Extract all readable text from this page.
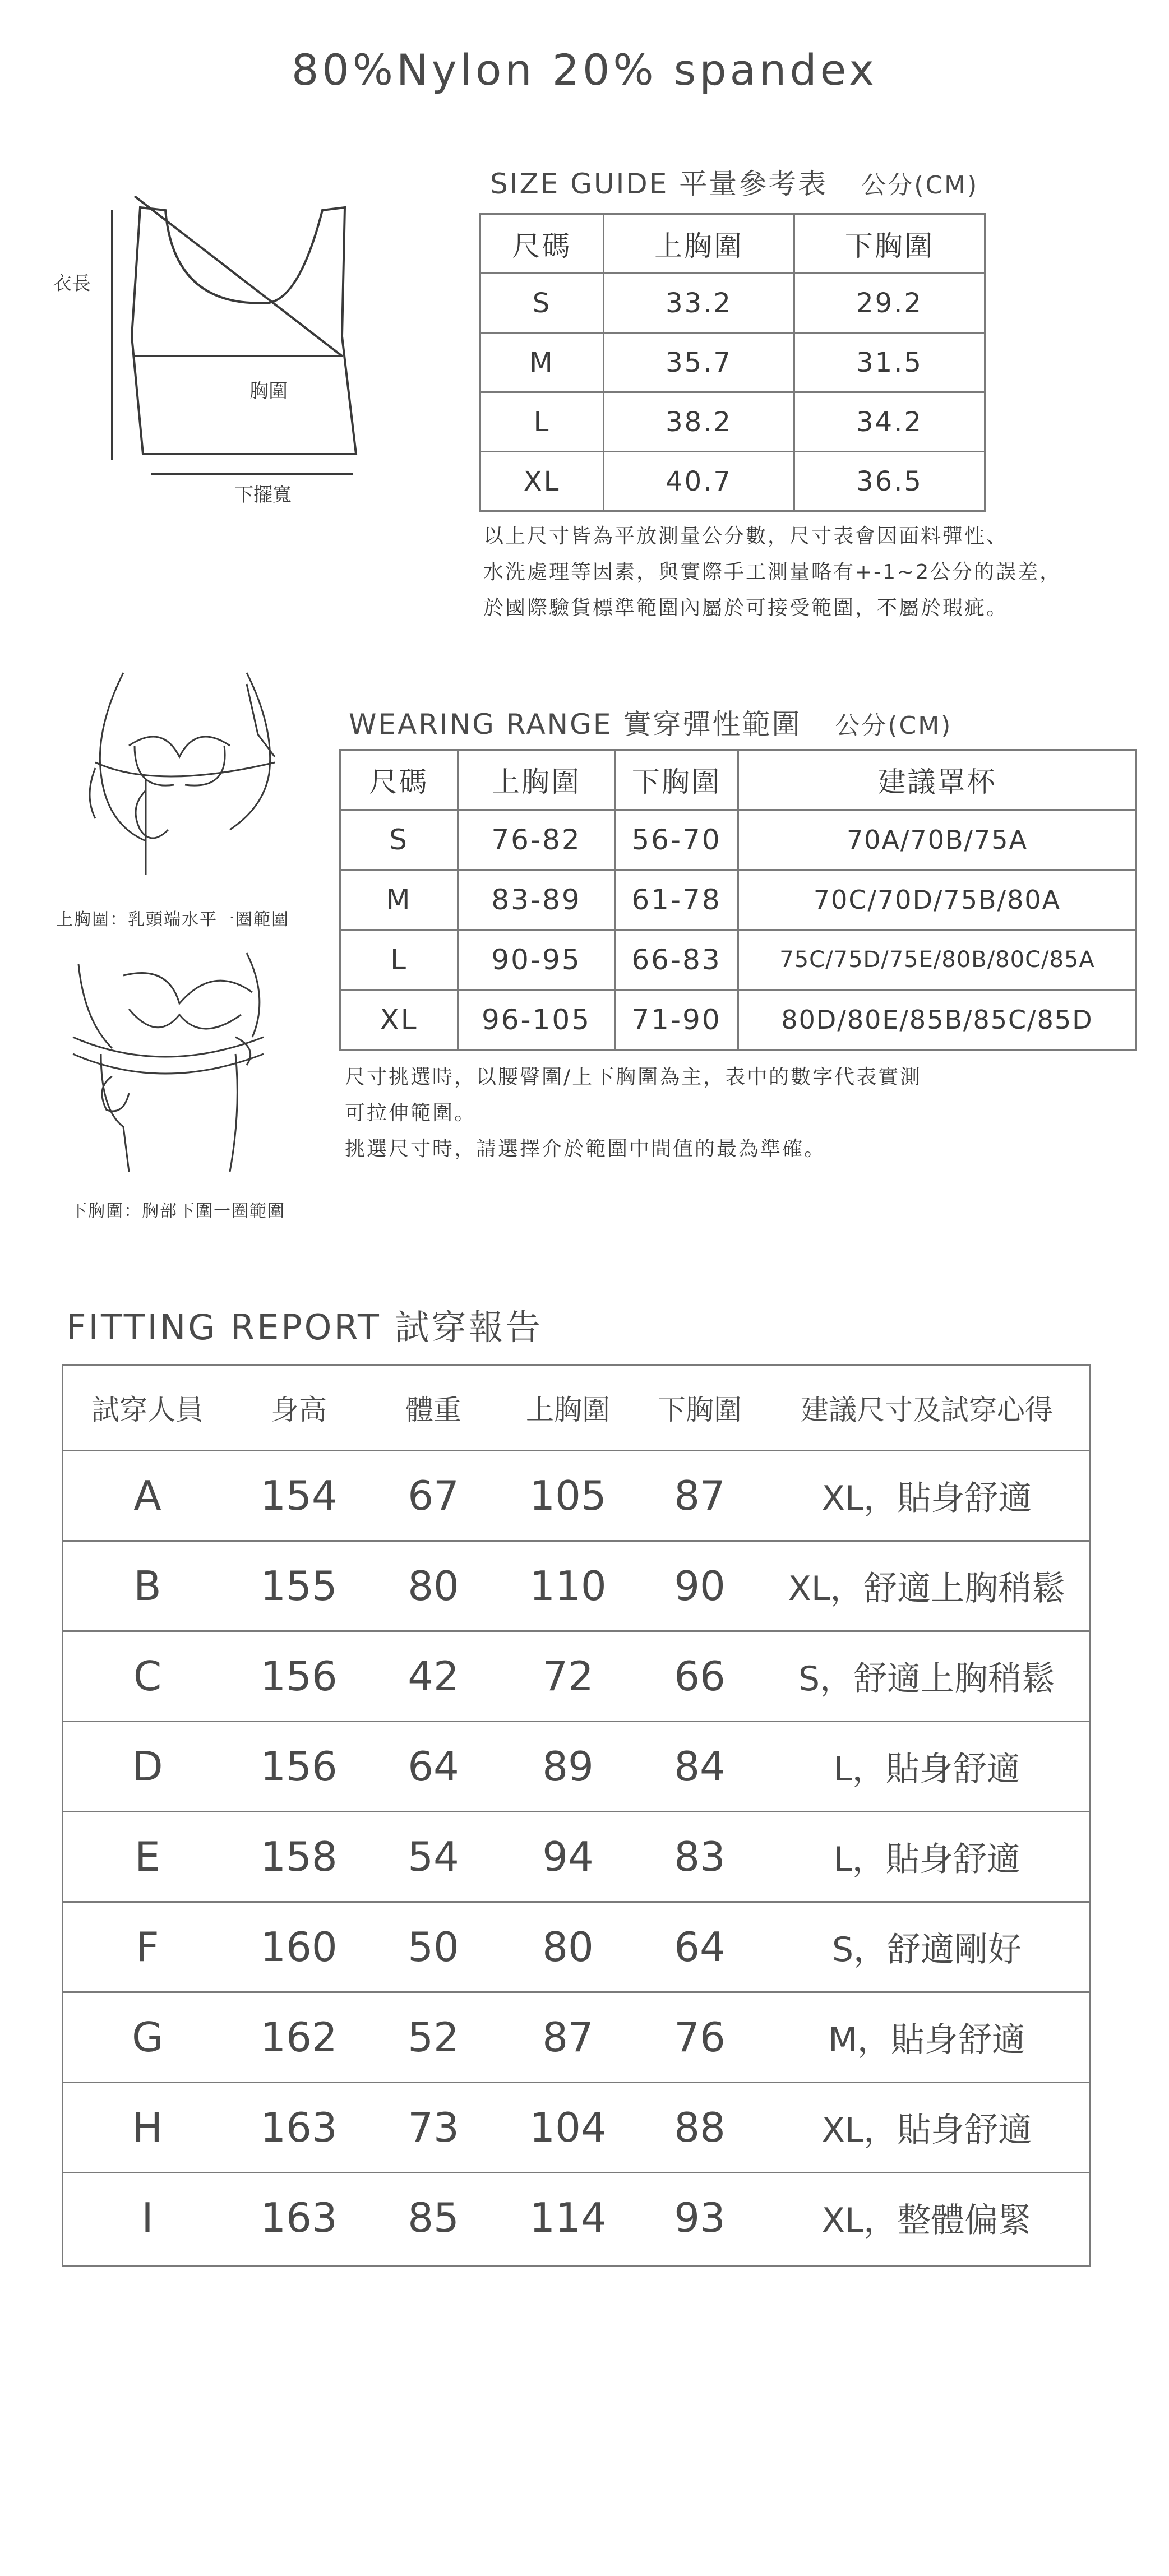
80%Nylon 20% spandex
衣長
胸圍
下擺寬
SIZE GUIDE 平量參考表 公分(CM)
尺碼	上胸圍	下胸圍
S	33.2	29.2
M	35.7	31.5
L	38.2	34.2
XL	40.7	36.5
以上尺寸皆為平放測量公分數，尺寸表會因面料彈性、
水洗處理等因素，與實際手工測量略有+-1~2公分的誤差，
於國際驗貨標準範圍內屬於可接受範圍，不屬於瑕疵。
上胸圍：乳頭端水平一圈範圍
下胸圍：胸部下圍一圈範圍
WEARING RANGE 實穿彈性範圍 公分(CM)
尺碼	上胸圍	下胸圍	建議罩杯
S	76-82	56-70	70A/70B/75A
M	83-89	61-78	70C/70D/75B/80A
L	90-95	66-83	75C/75D/75E/80B/80C/85A
XL	96-105	71-90	80D/80E/85B/85C/85D
尺寸挑選時，以腰臀圍/上下胸圍為主，表中的數字代表實測
可拉伸範圍。
挑選尺寸時，請選擇介於範圍中間值的最為準確。
FITTING REPORT 試穿報告
試穿人員	身高	體重	上胸圍	下胸圍	建議尺寸及試穿心得
A	154	67	105	87	XL，貼身舒適
B	155	80	110	90	XL，舒適上胸稍鬆
C	156	42	72	66	S，舒適上胸稍鬆
D	156	64	89	84	L，貼身舒適
E	158	54	94	83	L，貼身舒適
F	160	50	80	64	S，舒適剛好
G	162	52	87	76	M，貼身舒適
H	163	73	104	88	XL，貼身舒適
I	163	85	114	93	XL，整體偏緊
